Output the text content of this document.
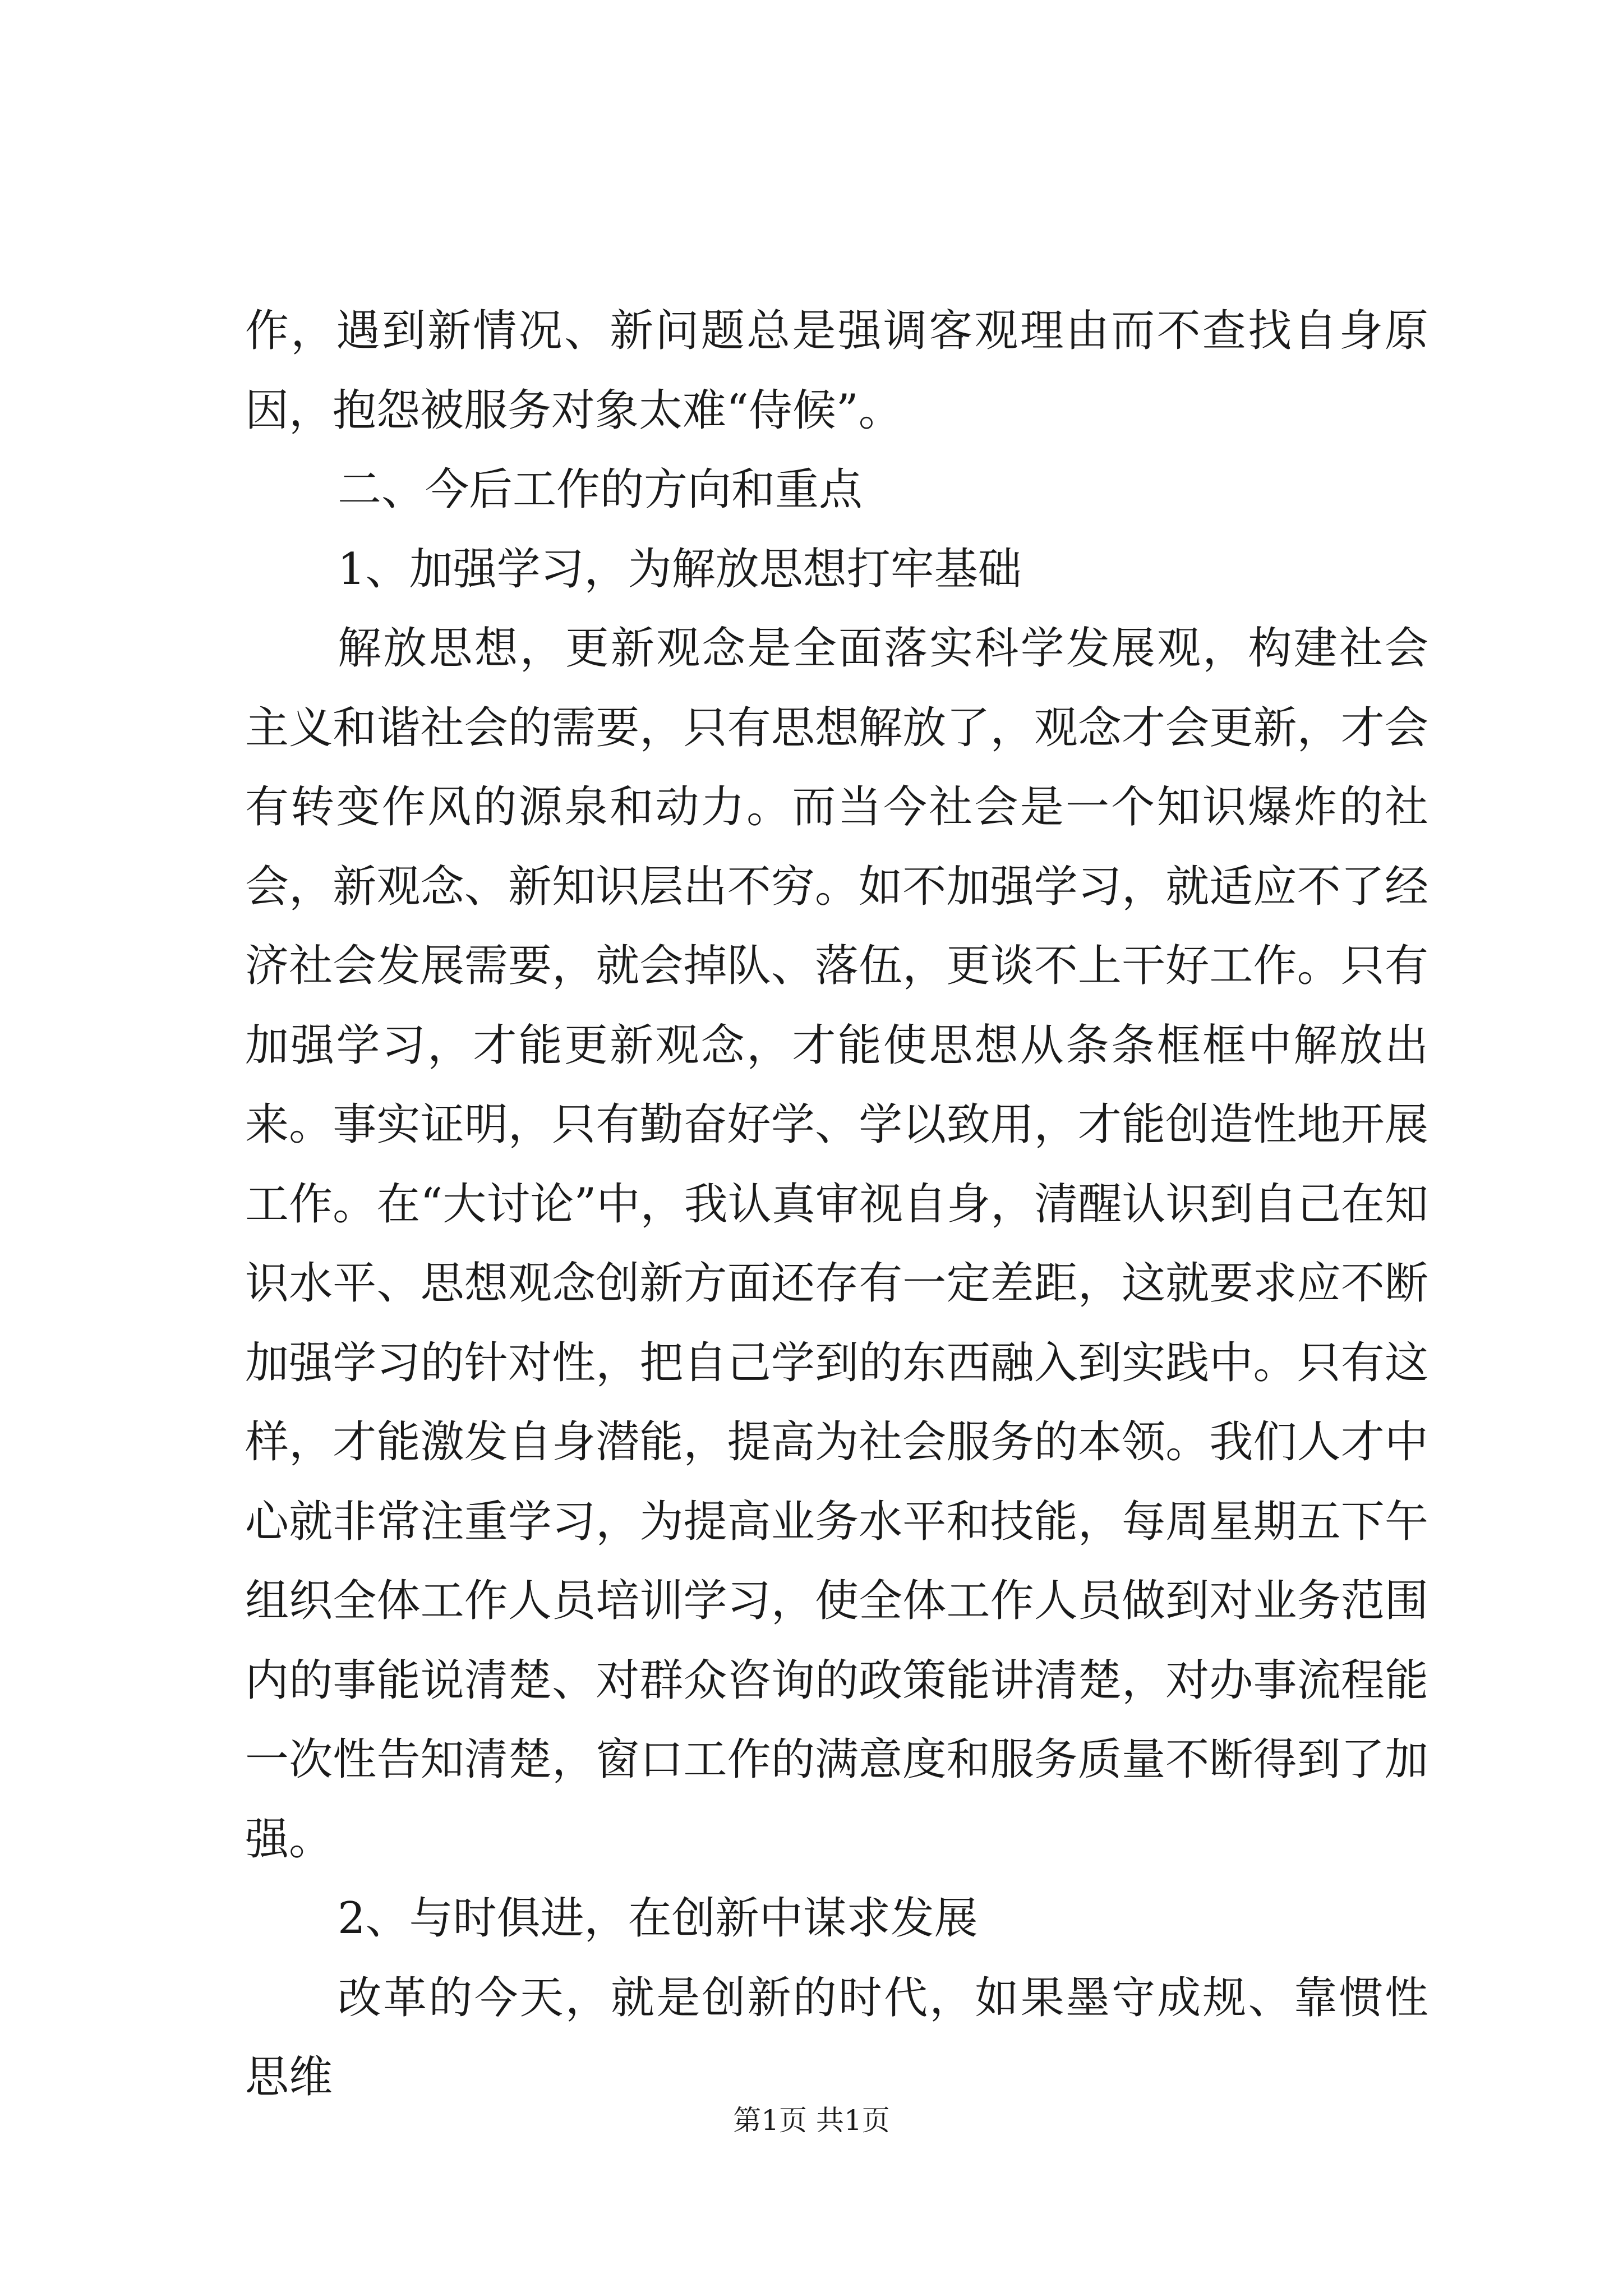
作，遇到新情况、新问题总是强调客观理由而不查找自身原因，抱怨被服务对象太难“侍候”。

二、今后工作的方向和重点

1、加强学习，为解放思想打牢基础

解放思想，更新观念是全面落实科学发展观，构建社会主义和谐社会的需要，只有思想解放了，观念才会更新，才会有转变作风的源泉和动力。而当今社会是一个知识爆炸的社会，新观念、新知识层出不穷。如不加强学习，就适应不了经济社会发展需要，就会掉队、落伍，更谈不上干好工作。只有加强学习，才能更新观念，才能使思想从条条框框中解放出来。事实证明，只有勤奋好学、学以致用，才能创造性地开展工作。在“大讨论”中，我认真审视自身，清醒认识到自己在知识水平、思想观念创新方面还存有一定差距，这就要求应不断加强学习的针对性，把自己学到的东西融入到实践中。只有这样，才能激发自身潜能，提高为社会服务的本领。我们人才中心就非常注重学习，为提高业务水平和技能，每周星期五下午组织全体工作人员培训学习，使全体工作人员做到对业务范围内的事能说清楚、对群众咨询的政策能讲清楚，对办事流程能一次性告知清楚，窗口工作的满意度和服务质量不断得到了加强。

2、与时俱进，在创新中谋求发展

改革的今天，就是创新的时代，如果墨守成规、靠惯性思维

第1页 共1页
